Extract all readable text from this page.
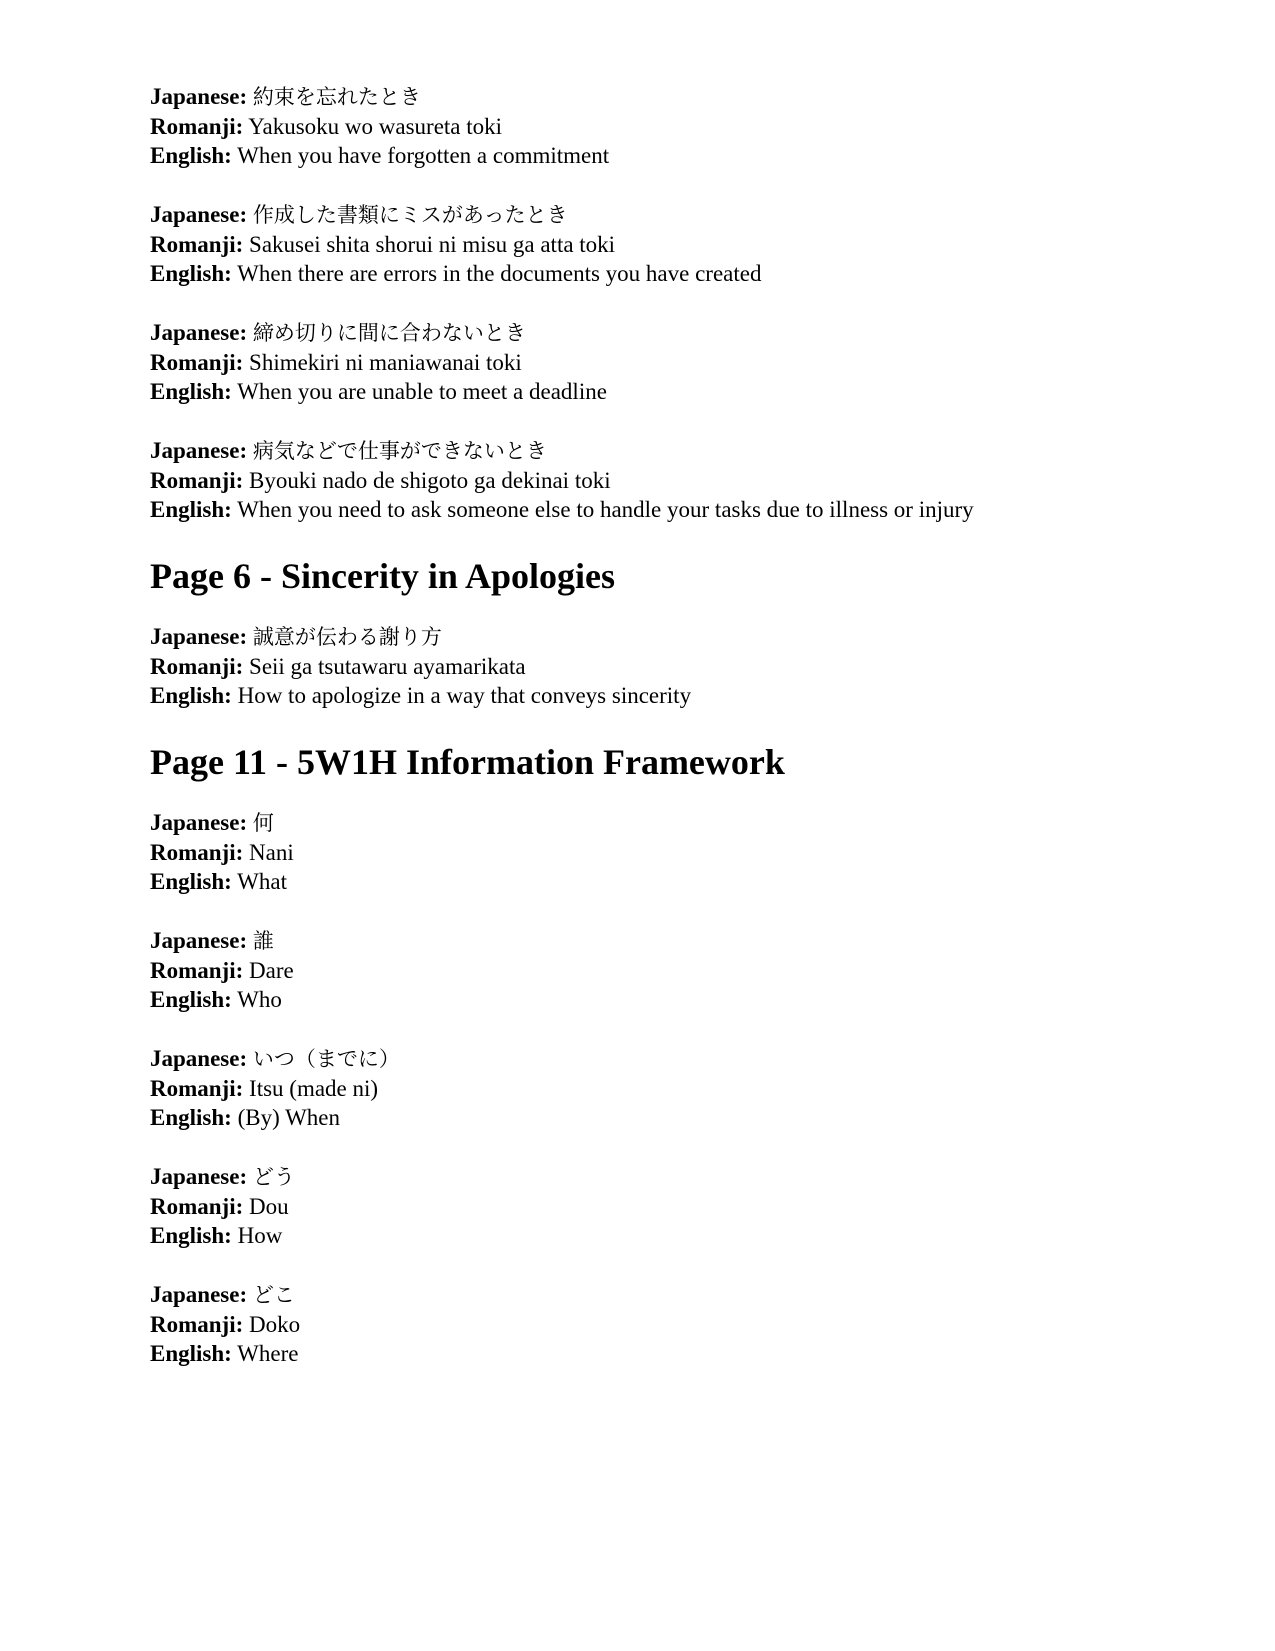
Japanese: 約束を忘れたとき
Romanji: Yakusoku wo wasureta toki
English: When you have forgotten a commitment
Japanese: 作成した書類にミスがあったとき
Romanji: Sakusei shita shorui ni misu ga atta toki
English: When there are errors in the documents you have created
Japanese: 締め切りに間に合わないとき
Romanji: Shimekiri ni maniawanai toki
English: When you are unable to meet a deadline
Japanese: 病気などで仕事ができないとき
Romanji: Byouki nado de shigoto ga dekinai toki
English: When you need to ask someone else to handle your tasks due to illness or injury
Page 6 - Sincerity in Apologies
Japanese: 誠意が伝わる謝り方
Romanji: Seii ga tsutawaru ayamarikata
English: How to apologize in a way that conveys sincerity
Page 11 - 5W1H Information Framework
Japanese: 何
Romanji: Nani
English: What
Japanese: 誰
Romanji: Dare
English: Who
Japanese: いつ（までに）
Romanji: Itsu (made ni)
English: (By) When
Japanese: どう
Romanji: Dou
English: How
Japanese: どこ
Romanji: Doko
English: Where
